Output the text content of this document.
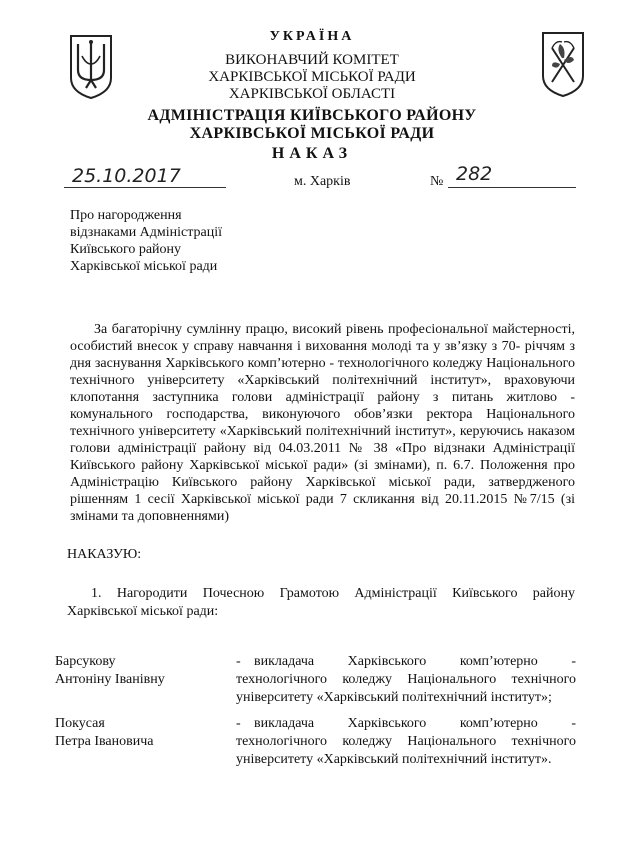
УКРАЇНА
ВИКОНАВЧИЙ КОМІТЕТ
ХАРКІВСЬКОЇ МІСЬКОЇ РАДИ
ХАРКІВСЬКОЇ ОБЛАСТІ
АДМІНІСТРАЦІЯ КИЇВСЬКОГО РАЙОНУ
ХАРКІВСЬКОЇ МІСЬКОЇ РАДИ
НАКАЗ
25.10.2017	м. Харків	№ 282
Про нагородження
відзнаками Адміністрації
Київського району
Харківської міської ради

За багаторічну сумлінну працю, високий рівень професіональної майстерності, особистий внесок у справу навчання і виховання молоді та у зв’язку з 70- річчям з дня заснування Харківського комп’ютерно - технологічного коледжу Національного технічного університету «Харківський політехнічний інститут», враховуючи клопотання заступника голови адміністрації району з питань житлово - комунального господарства, виконуючого обов’язки ректора Національного технічного університету «Харківський політехнічний інститут», керуючись наказом голови адміністрації району від 04.03.2011 № 38 «Про відзнаки Адміністрації Київського району Харківської міської ради» (зі змінами), п. 6.7. Положення про Адміністрацію Київського району Харківської міської ради, затвердженого рішенням 1 сесії Харківської міської ради 7 скликання від 20.11.2015 №7/15 (зі змінами та доповненнями)

НАКАЗУЮ:
1. Нагородити Почесною Грамотою Адміністрації Київського району Харківської міської ради:
Барсукову
Антоніну Іванівну
- викладача Харківського комп’ютерно - технологічного коледжу Національного технічного університету «Харківський політехнічний інститут»;
Покусая
Петра Івановича
- викладача Харківського комп’ютерно - технологічного коледжу Національного технічного університету «Харківський політехнічний інститут».
